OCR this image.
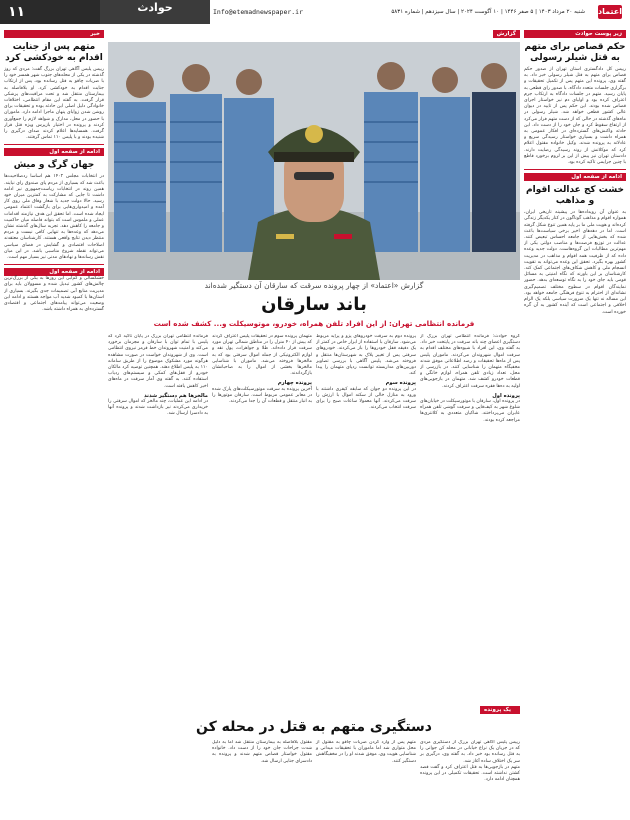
۱۱	حوادث	Info@etemadnewspaper.ir	شنبه ۲۰ مرداد ۱۴۰۳ | ۵ صفر ۱۴۴۶ | ۱۰ آگوست ۲۰۲۴ | سال سیزدهم | شماره ۵۸۳۱ اعتماد
خبر
متهم پس از جنایت اقدام به خودکشی کرد
رییس پلیس آگاهی تهران بزرگ گفت: مردی که روز گذشته در یکی از محله‌های جنوب شهر همسر خود را با ضربات چاقو به قتل رسانده بود، پس از ارتکاب جنایت اقدام به خودکشی کرد. او بلافاصله به بیمارستان منتقل شد و تحت مراقبت‌های پزشکی قرار گرفت. به گفته این مقام انتظامی، اختلافات خانوادگی دلیل اصلی این حادثه بوده و تحقیقات برای روشن شدن زوایای پنهان ماجرا ادامه دارد. ماموران با حضور در محل، مدارک و شواهد لازم را جمع‌آوری کردند و پرونده در اختیار بازپرس ویژه قتل قرار گرفت. همسایه‌ها اعلام کردند صدای درگیری را شنیده بودند و با پلیس ۱۱۰ تماس گرفتند.
ادامه از صفحه اول
جهان گرگ و میش
در انتخابات مجلس ۱۴۰۲ هم اساسا ردصلاحیت‌ها باعث شد که بسیاری از مردم پای صندوق رای نیایند. همین روند در انتخابات ریاست‌جمهوری نیز ادامه داشت تا جایی که مشارکت به کمترین میزان خود رسید. حالا دولت جدید با شعار وفاق ملی روی کار آمده و امیدواری‌هایی برای بازگشت اعتماد عمومی ایجاد شده است. اما تحقق این هدف نیازمند اقدامات عملی و ملموس است که بتواند فاصله میان حاکمیت و جامعه را کاهش دهد. تجربه سال‌های گذشته نشان می‌دهد که وعده‌ها به تنهایی کافی نیست و مردم منتظر دیدن نتایج واقعی هستند. کارشناسان معتقدند اصلاحات اقتصادی و گشایش در فضای سیاسی می‌تواند نقطه شروع مناسبی باشد. در این میان نقش رسانه‌ها و نهادهای مدنی نیز بسیار مهم است.
ادامه از صفحه اول
خشکسالی و کم‌آبی این روزها به یکی از بزرگ‌ترین چالش‌های کشور تبدیل شده و مسوولان باید برای مدیریت منابع آبی تصمیمات جدی بگیرند. بسیاری از استان‌ها با کمبود شدید آب مواجه هستند و ادامه این وضعیت می‌تواند پیامدهای اجتماعی و اقتصادی گسترده‌ای به همراه داشته باشد.
زیر پوست حوادث
حکم قصاص برای متهم به قتل شیلر رسولی
رییس کل دادگستری استان تهران از صدور حکم قصاص برای متهم به قتل شیلر رسولی خبر داد. به گفته وی، پرونده این متهم پس از تکمیل تحقیقات و برگزاری جلسات متعدد دادگاه، با صدور رای قطعی به پایان رسید. متهم در جلسات دادگاه به ارتکاب جرم اعتراف کرده بود و اولیای دم نیز خواستار اجرای قصاص شده بودند. این حکم پس از تایید در دیوان عالی کشور قطعی خواهد شد. شیلر رسولی در ماه‌های گذشته در حالی که از دست متهم فرار می‌کرد از ارتفاع سقوط کرد و جان خود را از دست داد. این حادثه واکنش‌های گسترده‌ای در افکار عمومی به همراه داشت و بسیاری خواستار رسیدگی سریع و عادلانه به پرونده شدند. وکیل خانواده مقتول اعلام کرد که موکلانش از روند رسیدگی رضایت دارند. دادستان تهران نیز پیش از این بر لزوم برخورد قاطع با چنین جرایمی تاکید کرده بود.
ادامه از صفحه اول
خشت کج عدالت اقوام و مذاهب
به عنوان آن رویداده‌ها در پیشینه تاریخی ایران، همواره اقوام و مذاهب گوناگون در کنار یکدیگر زندگی کرده‌اند و هویت ملی ما بر پایه همین تنوع شکل گرفته است. اما در دهه‌های اخیر برخی سیاست‌ها باعث شده که بخش‌هایی از جامعه احساس تبعیض کنند. عدالت در توزیع فرصت‌ها و مناصب دولتی یکی از مهم‌ترین مطالبات این گروه‌هاست. دولت جدید وعده داده که از ظرفیت همه اقوام و مذاهب در مدیریت کشور بهره بگیرد. تحقق این وعده می‌تواند به تقویت انسجام ملی و کاهش شکاف‌های اجتماعی کمک کند. کارشناسان بر این باورند که نگاه امنیتی به مسائل قومی باید جای خود را به نگاه توسعه‌ای بدهد. حضور نمایندگان اقوام در سطوح مختلف تصمیم‌گیری نشانه‌ای از احترام به تنوع فرهنگی جامعه خواهد بود. این مساله نه تنها یک ضرورت سیاسی بلکه یک الزام اخلاقی و اجتماعی است که آینده کشور به آن گره خورده است.
گزارش
گزارش «اعتماد» از چهار پرونده سرقت که سارقان آن دستگیر شده‌اند
باند سارقان
فرمانده انتظامی تهران: از این افراد تلفن همراه، خودرو، موتوسیکلت و... کشف شده است
گروه حوادث: فرمانده انتظامی تهران بزرگ از دستگیری اعضای چند باند سرقت در پایتخت خبر داد. به گفته وی، این افراد با شیوه‌های مختلف اقدام به سرقت اموال شهروندان می‌کردند. ماموران پلیس پس از ماه‌ها تحقیقات و رصد اطلاعاتی موفق شدند مخفیگاه متهمان را شناسایی کنند. در بازرسی از محل، تعداد زیادی تلفن همراه، لوازم خانگی و قطعات خودرو کشف شد. متهمان در بازجویی‌های اولیه به ده‌ها فقره سرقت اعتراف کردند.
پرونده اول
در پرونده اول، سارقان با موتورسیکلت در خیابان‌های شلوغ شهر به کیف‌قاپی و سرقت گوشی تلفن همراه عابران می‌پرداختند. شاکیان متعددی به کلانتری‌ها مراجعه کرده بودند.
پرونده دوم به سرقت خودروهای پژو و پراید مربوط می‌شود. سارقان با استفاده از ابزار خاص در کمتر از یک دقیقه قفل خودروها را باز می‌کردند. خودروهای سرقتی پس از تغییر پلاک به شهرستان‌ها منتقل و فروخته می‌شد. پلیس آگاهی با بررسی تصاویر دوربین‌های مداربسته توانست ردپای متهمان را پیدا کند.
پرونده سوم
در این پرونده دو جوان که سابقه کیفری داشتند با ورود به منازل خالی از سکنه اموال با ارزش را سرقت می‌کردند. آنها معمولا ساعات صبح را برای سرقت انتخاب می‌کردند.
متهمان پرونده سوم در تحقیقات پلیس اعتراف کردند که بیش از ۴۰ منزل را در مناطق شمالی تهران مورد سرقت قرار داده‌اند. طلا و جواهرات، پول نقد و لوازم الکترونیکی از جمله اموال سرقتی بود که به مالخرها فروخته می‌شد. ماموران با شناسایی مالخرها بخشی از اموال را به صاحبانشان بازگرداندند.
پرونده چهارم
آخرین پرونده به سرقت موتورسیکلت‌های پارک شده در معابر عمومی مربوط است. سارقان موتورها را به انبار منتقل و قطعات آن را جدا می‌کردند.
فرمانده انتظامی تهران بزرگ در پایان تاکید کرد که پلیس با تمام توان با سارقان و مجرمان برخورد می‌کند و امنیت شهروندان خط قرمز نیروی انتظامی است. وی از شهروندان خواست در صورت مشاهده هرگونه مورد مشکوک موضوع را از طریق سامانه ۱۱۰ به پلیس اطلاع دهند. همچنین توصیه کرد مالکان خودرو از قفل‌های کمکی و سیستم‌های ردیاب استفاده کنند. به گفته وی آمار سرقت در ماه‌های اخیر کاهش یافته است.
مالخرها هم دستگیر شدند
در ادامه این عملیات، چند مالخر که اموال سرقتی را خریداری می‌کردند نیز بازداشت شدند و پرونده آنها به دادسرا ارسال شد.
یک پرونده
دستگیری متهم به قتل در محله کن
رییس پلیس آگاهی تهران بزرگ از دستگیری مردی که در جریان یک نزاع خیابانی در محله کن جوانی را به قتل رسانده بود خبر داد. به گفته وی، درگیری بر سر یک اختلاف ساده آغاز شد.
متهم پس از وارد کردن ضربات چاقو به مقتول از محل متواری شد اما ماموران با تحقیقات میدانی و شناسایی هویت وی، موفق شدند او را در مخفیگاهش دستگیر کنند.
مقتول بلافاصله به بیمارستان منتقل شد اما به دلیل شدت جراحات جان خود را از دست داد. خانواده مقتول خواستار قصاص متهم شدند و پرونده به دادسرای جنایی ارسال شد.
متهم در بازجویی‌ها به قتل اعتراف کرد و گفت قصد کشتن نداشته است. تحقیقات تکمیلی در این پرونده همچنان ادامه دارد.
